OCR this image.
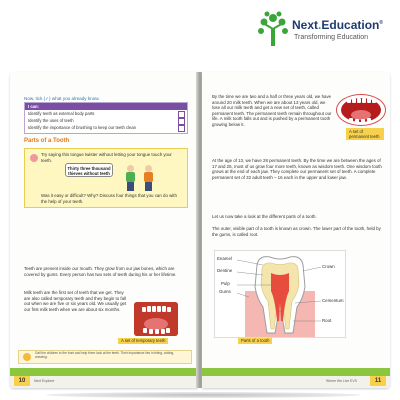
Next.Education®
Transforming Education

Now, tick (✓) what you already know.

I can:
Identify teeth as external body parts
Identify the uses of teeth
Identify the importance of brushing to keep our teeth clean

Parts of a Tooth

Try saying this tongue twister without letting your tongue touch your teeth.

Thirty three thousand thieves without teeth

Was it easy or difficult? Why? Discuss four things that you can do with the help of your teeth.

Teeth are present inside our mouth. They grow from our jaw bones, which are covered by gums. Every person has two sets of teeth during his or her lifetime.

Milk teeth are the first set of teeth that we get. They are also called temporary teeth and they begin to fall out when we are five or six years old. We usually get our first milk teeth when we are about six months.

A set of temporary teeth
Gall the children to the front and help them look at the teeth. Their importance lies in biting, cutting, chewing.
10	Next Explorer

By the time we are two and a half or three years old, we have around 20 milk teeth. When we are about 13 years old, we lose all our milk teeth and get a new set of teeth, called permanent teeth. The permanent teeth remain throughout our life. A milk tooth falls out and is pushed by a permanent tooth growing below it.

A set of permanent teeth

At the age of 13, we have 28 permanent teeth. By the time we are between the ages of 17 and 25, most of us grow four more teeth, known as wisdom teeth. One wisdom tooth grows at the end of each jaw. They complete our permanent set of teeth. A complete permanent set of 32 adult teeth – 16 each in the upper and lower jaw.

Let us now take a look at the different parts of a tooth.

The outer, visible part of a tooth is known as crown. The lower part of the tooth, held by the gums, is called root.

Enamel
Dentine
Pulp
Gums
Crown
Cementum
Root
Parts of a tooth
Where We Live EVS	11
